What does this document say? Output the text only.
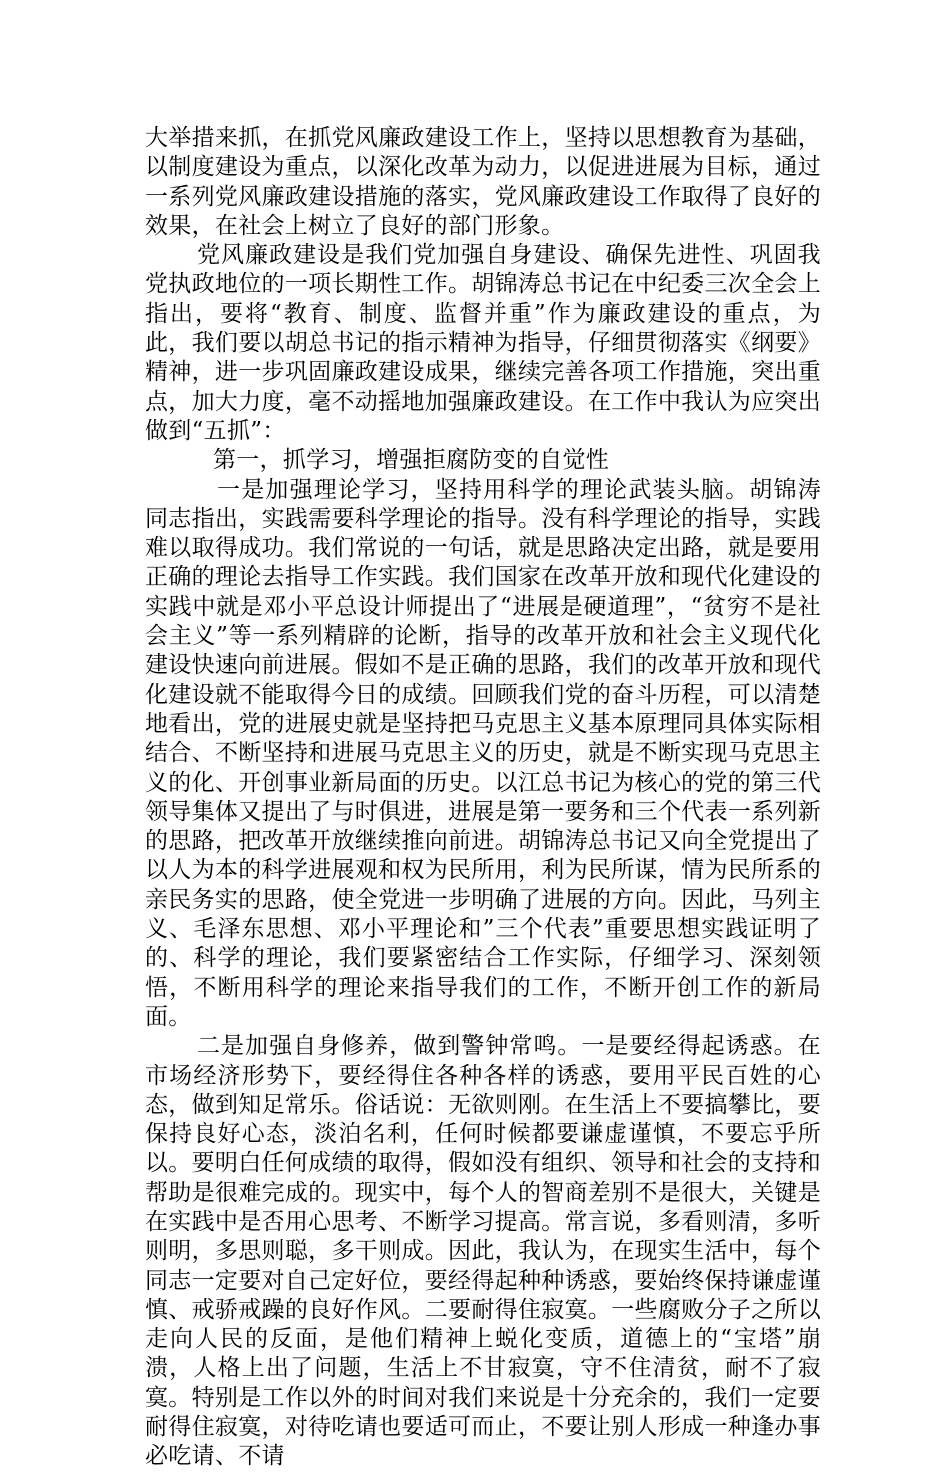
大举措来抓，在抓党风廉政建设工作上，坚持以思想教育为基础，以制度建设为重点，以深化改革为动力，以促进进展为目标，通过一系列党风廉政建设措施的落实，党风廉政建设工作取得了良好的效果，在社会上树立了良好的部门形象。

党风廉政建设是我们党加强自身建设、确保先进性、巩固我党执政地位的一项长期性工作。胡锦涛总书记在中纪委三次全会上指出，要将“教育、制度、监督并重”作为廉政建设的重点，为此，我们要以胡总书记的指示精神为指导，仔细贯彻落实《纲要》精神，进一步巩固廉政建设成果，继续完善各项工作措施，突出重点，加大力度，毫不动摇地加强廉政建设。在工作中我认为应突出做到“五抓”：

第一，抓学习，增强拒腐防变的自觉性

一是加强理论学习，坚持用科学的理论武装头脑。胡锦涛同志指出，实践需要科学理论的指导。没有科学理论的指导，实践难以取得成功。我们常说的一句话，就是思路决定出路，就是要用正确的理论去指导工作实践。我们国家在改革开放和现代化建设的实践中就是邓小平总设计师提出了“进展是硬道理”，“贫穷不是社会主义”等一系列精辟的论断，指导的改革开放和社会主义现代化建设快速向前进展。假如不是正确的思路，我们的改革开放和现代化建设就不能取得今日的成绩。回顾我们党的奋斗历程，可以清楚地看出，党的进展史就是坚持把马克思主义基本原理同具体实际相结合、不断坚持和进展马克思主义的历史，就是不断实现马克思主义的化、开创事业新局面的历史。以江总书记为核心的党的第三代领导集体又提出了与时俱进，进展是第一要务和三个代表一系列新的思路，把改革开放继续推向前进。胡锦涛总书记又向全党提出了以人为本的科学进展观和权为民所用，利为民所谋，情为民所系的亲民务实的思路，使全党进一步明确了进展的方向。因此，马列主义、毛泽东思想、邓小平理论和”三个代表”重要思想实践证明了的、科学的理论，我们要紧密结合工作实际，仔细学习、深刻领悟，不断用科学的理论来指导我们的工作，不断开创工作的新局面。

二是加强自身修养，做到警钟常鸣。一是要经得起诱惑。在市场经济形势下，要经得住各种各样的诱惑，要用平民百姓的心态，做到知足常乐。俗话说：无欲则刚。在生活上不要搞攀比，要保持良好心态，淡泊名利，任何时候都要谦虚谨慎，不要忘乎所以。要明白任何成绩的取得，假如没有组织、领导和社会的支持和帮助是很难完成的。现实中，每个人的智商差别不是很大，关键是在实践中是否用心思考、不断学习提高。常言说，多看则清，多听则明，多思则聪，多干则成。因此，我认为，在现实生活中，每个同志一定要对自己定好位，要经得起种种诱惑，要始终保持谦虚谨慎、戒骄戒躁的良好作风。二要耐得住寂寞。一些腐败分子之所以走向人民的反面，是他们精神上蜕化变质，道德上的“宝塔”崩溃，人格上出了问题，生活上不甘寂寞，守不住清贫，耐不了寂寞。特别是工作以外的时间对我们来说是十分充余的，我们一定要耐得住寂寞，对待吃请也要适可而止，不要让别人形成一种逢办事必吃请、不请
